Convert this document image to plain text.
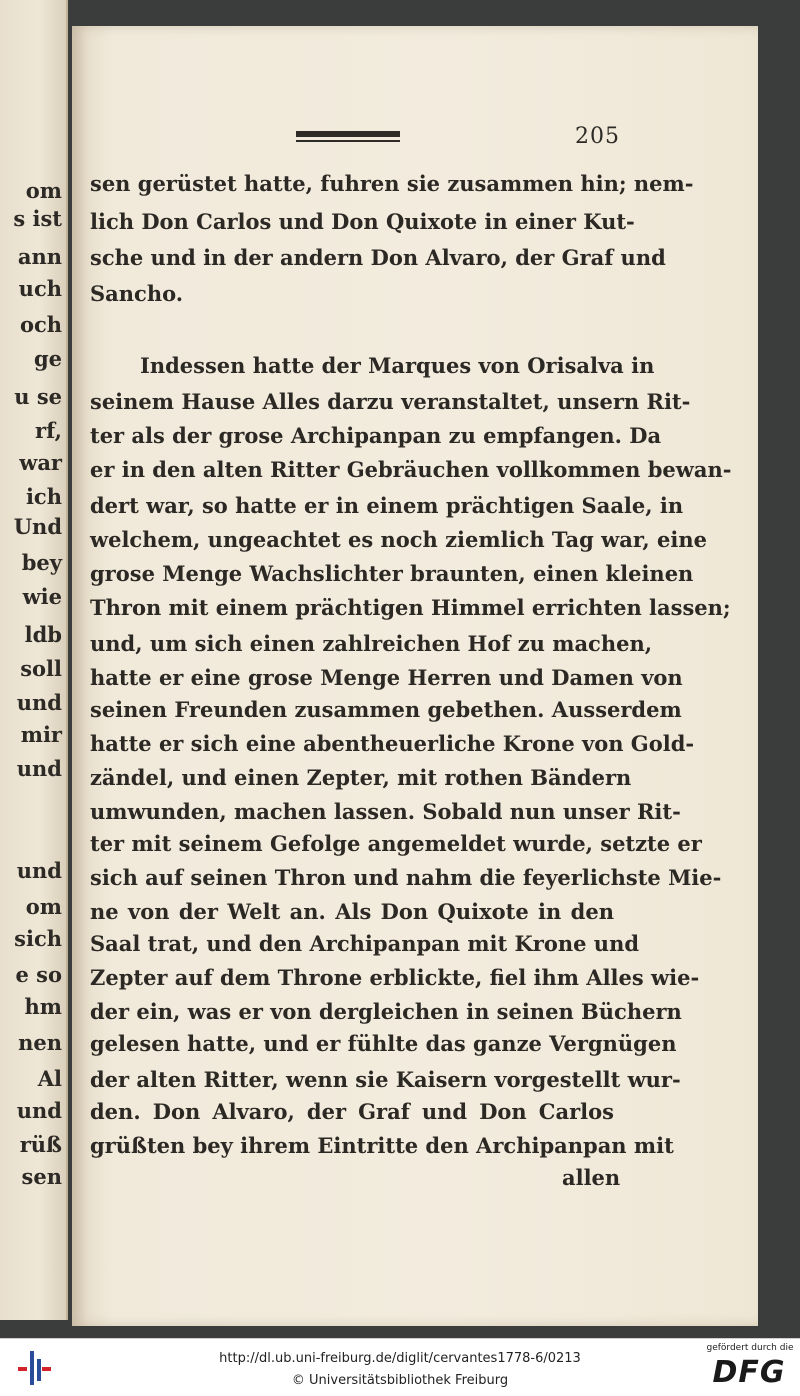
om
s ist
ann
uch
och
ge
u se
rf,
war
ich
Und
bey
wie
ldb
soll
und
mir
und
und
om
sich
e so
hm
nen
Al
und
rüß
sen
205
sen gerüstet hatte, fuhren sie zusammen hin; nem-
lich Don Carlos und Don Quixote in einer Kut-
sche und in der andern Don Alvaro, der Graf und
Sancho.
Indessen hatte der Marques von Orisalva in
seinem Hause Alles darzu veranstaltet, unsern Rit-
ter als der grose Archipanpan zu empfangen. Da
er in den alten Ritter Gebräuchen vollkommen bewan-
dert war, so hatte er in einem prächtigen Saale, in
welchem, ungeachtet es noch ziemlich Tag war, eine
grose Menge Wachslichter braunten, einen kleinen
Thron mit einem prächtigen Himmel errichten lassen;
und, um sich einen zahlreichen Hof zu machen,
hatte er eine grose Menge Herren und Damen von
seinen Freunden zusammen gebethen. Ausserdem
hatte er sich eine abentheuerliche Krone von Gold-
zändel, und einen Zepter, mit rothen Bändern
umwunden, machen lassen. Sobald nun unser Rit-
ter mit seinem Gefolge angemeldet wurde, setzte er
sich auf seinen Thron und nahm die feyerlichste Mie-
ne von der Welt an. Als Don Quixote in den
Saal trat, und den Archipanpan mit Krone und
Zepter auf dem Throne erblickte, fiel ihm Alles wie-
der ein, was er von dergleichen in seinen Büchern
gelesen hatte, und er fühlte das ganze Vergnügen
der alten Ritter, wenn sie Kaisern vorgestellt wur-
den. Don Alvaro, der Graf und Don Carlos
grüßten bey ihrem Eintritte den Archipanpan mit
allen
http://dl.ub.uni-freiburg.de/diglit/cervantes1778-6/0213
© Universitätsbibliothek Freiburg
gefördert durch die
DFG
